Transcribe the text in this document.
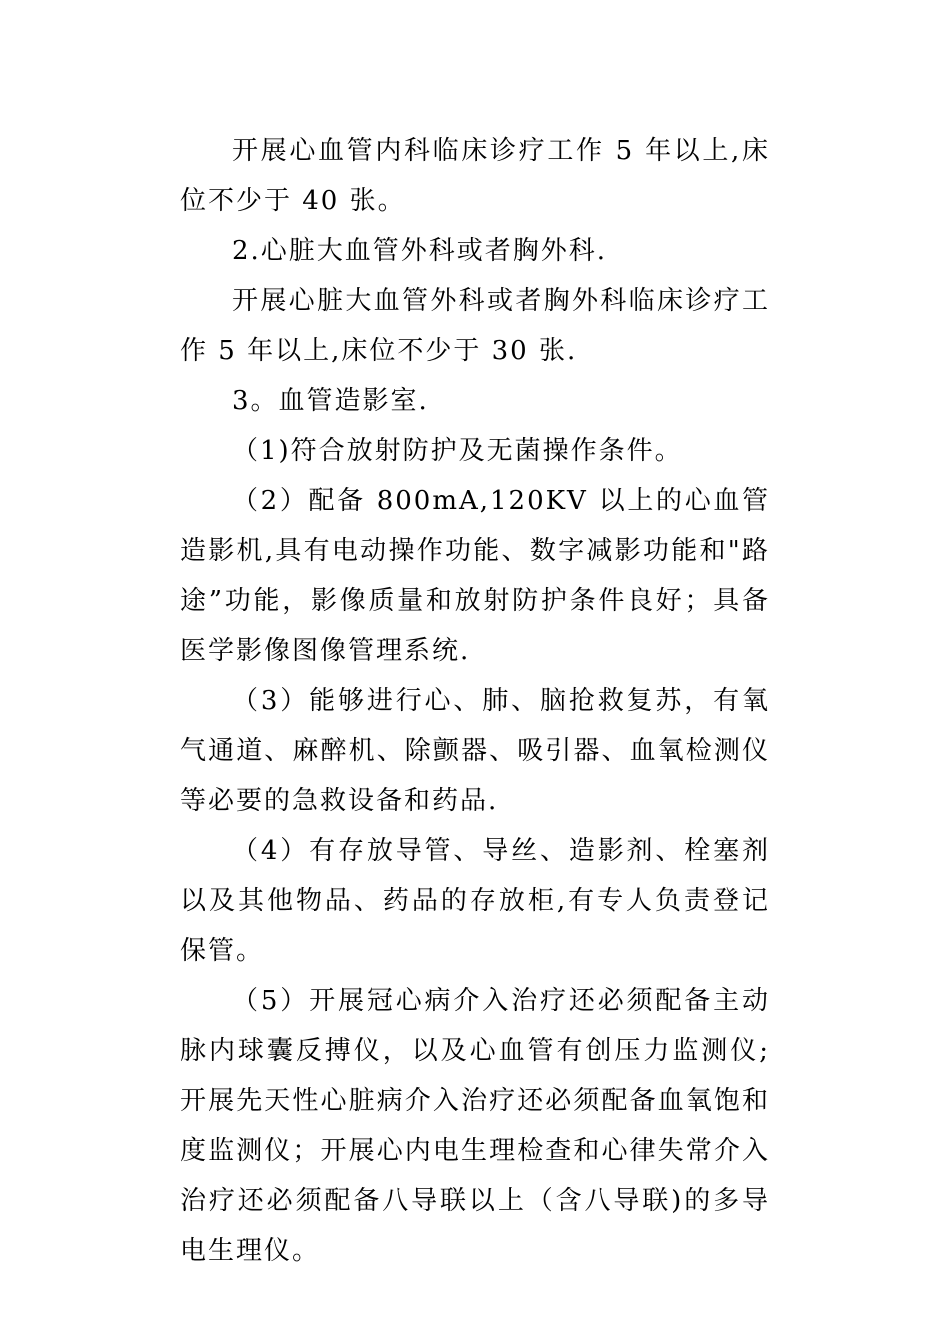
开展心血管内科临床诊疗工作 5 年以上,床位不少于 40 张。

2.心脏大血管外科或者胸外科.

开展心脏大血管外科或者胸外科临床诊疗工作 5 年以上,床位不少于 30 张.

3。血管造影室.

（1)符合放射防护及无菌操作条件。

（2）配备 800mA,120KV 以上的心血管造影机,具有电动操作功能、数字减影功能和"路途”功能，影像质量和放射防护条件良好；具备医学影像图像管理系统.

（3）能够进行心、肺、脑抢救复苏，有氧气通道、麻醉机、除颤器、吸引器、血氧检测仪等必要的急救设备和药品.

（4）有存放导管、导丝、造影剂、栓塞剂以及其他物品、药品的存放柜,有专人负责登记保管。

（5）开展冠心病介入治疗还必须配备主动脉内球囊反搏仪，以及心血管有创压力监测仪;开展先天性心脏病介入治疗还必须配备血氧饱和度监测仪；开展心内电生理检查和心律失常介入治疗还必须配备八导联以上（含八导联)的多导电生理仪。
